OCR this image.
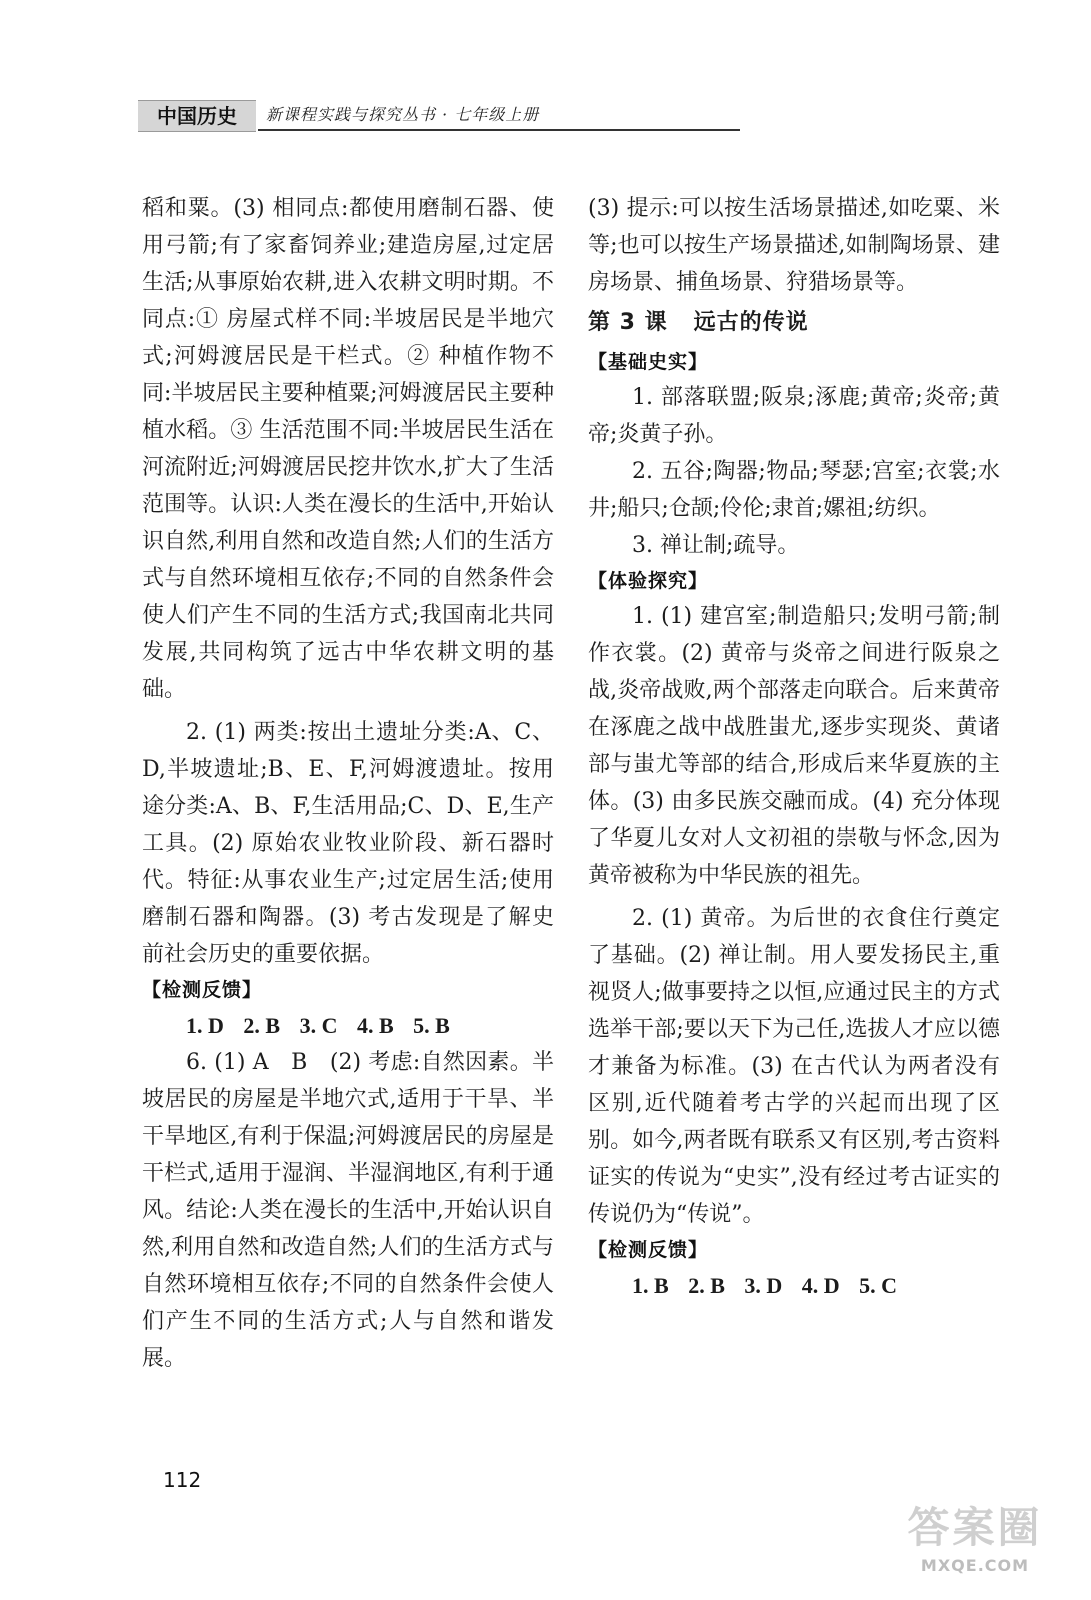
中国历史	新课程实践与探究丛书 · 七年级上册

稻和粟。(3) 相同点:都使用磨制石器、使用弓箭;有了家畜饲养业;建造房屋,过定居生活;从事原始农耕,进入农耕文明时期。不同点:① 房屋式样不同:半坡居民是半地穴式;河姆渡居民是干栏式。② 种植作物不同:半坡居民主要种植粟;河姆渡居民主要种植水稻。③ 生活范围不同:半坡居民生活在河流附近;河姆渡居民挖井饮水,扩大了生活范围等。认识:人类在漫长的生活中,开始认识自然,利用自然和改造自然;人们的生活方式与自然环境相互依存;不同的自然条件会使人们产生不同的生活方式;我国南北共同发展,共同构筑了远古中华农耕文明的基础。

2. (1) 两类:按出土遗址分类:A、C、D,半坡遗址;B、E、F,河姆渡遗址。按用途分类:A、B、F,生活用品;C、D、E,生产工具。(2) 原始农业牧业阶段、新石器时代。特征:从事农业生产;过定居生活;使用磨制石器和陶器。(3) 考古发现是了解史前社会历史的重要依据。

【检测反馈】

1. D 2. B 3. C 4. B 5. B

6. (1) A　B　(2) 考虑:自然因素。半坡居民的房屋是半地穴式,适用于干旱、半干旱地区,有利于保温;河姆渡居民的房屋是干栏式,适用于湿润、半湿润地区,有利于通风。结论:人类在漫长的生活中,开始认识自然,利用自然和改造自然;人们的生活方式与自然环境相互依存;不同的自然条件会使人们产生不同的生活方式;人与自然和谐发展。

(3) 提示:可以按生活场景描述,如吃粟、米等;也可以按生产场景描述,如制陶场景、建房场景、捕鱼场景、狩猎场景等。

第 3 课 远古的传说

【基础史实】

1. 部落联盟;阪泉;涿鹿;黄帝;炎帝;黄帝;炎黄子孙。

2. 五谷;陶器;物品;琴瑟;宫室;衣裳;水井;船只;仓颉;伶伦;隶首;嫘祖;纺织。

3. 禅让制;疏导。

【体验探究】

1. (1) 建宫室;制造船只;发明弓箭;制作衣裳。(2) 黄帝与炎帝之间进行阪泉之战,炎帝战败,两个部落走向联合。后来黄帝在涿鹿之战中战胜蚩尤,逐步实现炎、黄诸部与蚩尤等部的结合,形成后来华夏族的主体。(3) 由多民族交融而成。(4) 充分体现了华夏儿女对人文初祖的崇敬与怀念,因为黄帝被称为中华民族的祖先。

2. (1) 黄帝。为后世的衣食住行奠定了基础。(2) 禅让制。用人要发扬民主,重视贤人;做事要持之以恒,应通过民主的方式选举干部;要以天下为己任,选拔人才应以德才兼备为标准。(3) 在古代认为两者没有区别,近代随着考古学的兴起而出现了区别。如今,两者既有联系又有区别,考古资料证实的传说为“史实”,没有经过考古证实的传说仍为“传说”。

【检测反馈】

1. B 2. B 3. D 4. D 5. C

112
答案圈
MXQE.COM
